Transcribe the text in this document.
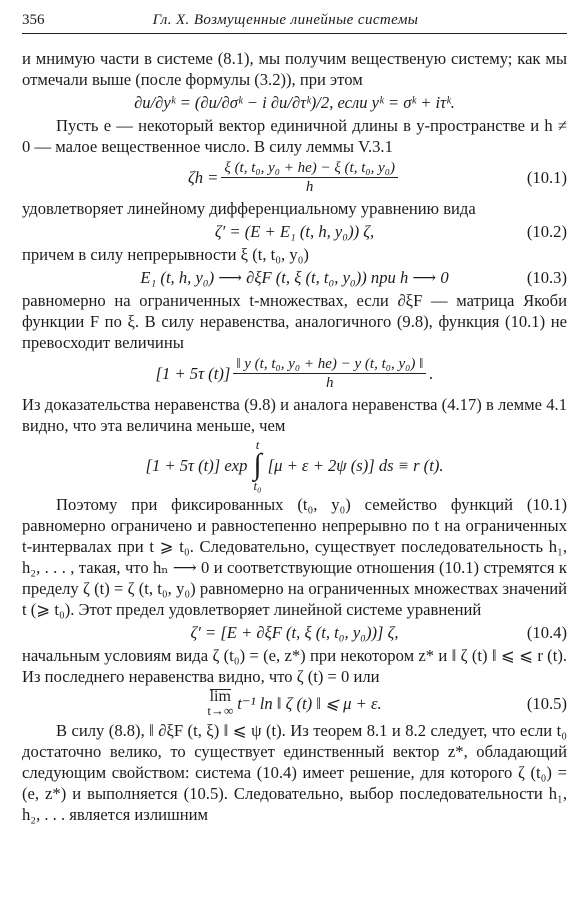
356	Гл. X. Возмущенные линейные системы

и мнимую части в системе (8.1), мы получим вещественую систему; как мы отмечали выше (после формулы (3.2)), при этом

∂u/∂yᵏ = (∂u/∂σᵏ − i ∂u/∂τᵏ)/2, если yᵏ = σᵏ + iτᵏ.

Пусть e — некоторый вектор единичной длины в y-пространстве и h ≠ 0 — малое вещественное число. В силу леммы V.3.1

$\zeta h = \frac{\text{ξ (t, t₀, y₀ + he) − ξ (t, t₀, y₀)}}{h}$	(10.1)

удовлетворяет линейному дифференциальному уравнению вида

ζ′ = (E + E₁ (t, h, y₀)) ζ,	(10.2)

причем в силу непрерывности ξ (t, t₀, y₀)

E₁ (t, h, y₀) ⟶ ∂ξF (t, ξ (t, t₀, y₀)) при h ⟶ 0	(10.3)

равномерно на ограниченных t-множествах, если ∂ξF — матрица Якоби функции F по ξ. В силу неравенства, аналогичного (9.8), функция (10.1) не превосходит величины

[1 + 5τ $(t)] \frac{\text{‖ y (t, t₀, y₀ + he) − y (t, t₀, y₀) ‖}}{h}$ .

Из доказательства неравенства (9.8) и аналога неравенства (4.17) в лемме 4.1 видно, что эта величина меньше, чем

[1 + 5τ (t)] exp
t
∫
t₀
[μ + ε + 2ψ (s)] ds ≡ r (t).

Поэтому при фиксированных (t₀, y₀) семейство функций (10.1) равномерно ограничено и равностепенно непрерывно по t на ограниченных t-интервалах при t ⩾ t₀. Следовательно, существует последовательность h₁, h₂, . . . , такая, что hₙ ⟶ 0 и соответствующие отношения (10.1) стремятся к пределу ζ (t) = ζ (t, t₀, y₀) равномерно на ограниченных множествах значений t (⩾ t₀). Этот предел удовлетворяет линейной системе уравнений

ζ′ = [E + ∂ξF (t, ξ (t, t₀, y₀))] ζ,	(10.4)

начальным условиям вида ζ (t₀) = (e, z*) при некотором z* и ‖ ζ (t) ‖ ⩽ ⩽ r (t). Из последнего неравенства видно, что ζ (t) = 0 или

lim
t→∞ t⁻¹ ln ‖ ζ (t) ‖ ⩽ μ + ε.	(10.5)

В силу (8.8), ‖ ∂ξF (t, ξ) ‖ ⩽ ψ (t). Из теорем 8.1 и 8.2 следует, что если t₀ достаточно велико, то существует единственный вектор z*, обладающий следующим свойством: система (10.4) имеет решение, для которого ζ (t₀) = (e, z*) и выполняется (10.5). Следовательно, выбор последовательности h₁, h₂, . . . является излишним
